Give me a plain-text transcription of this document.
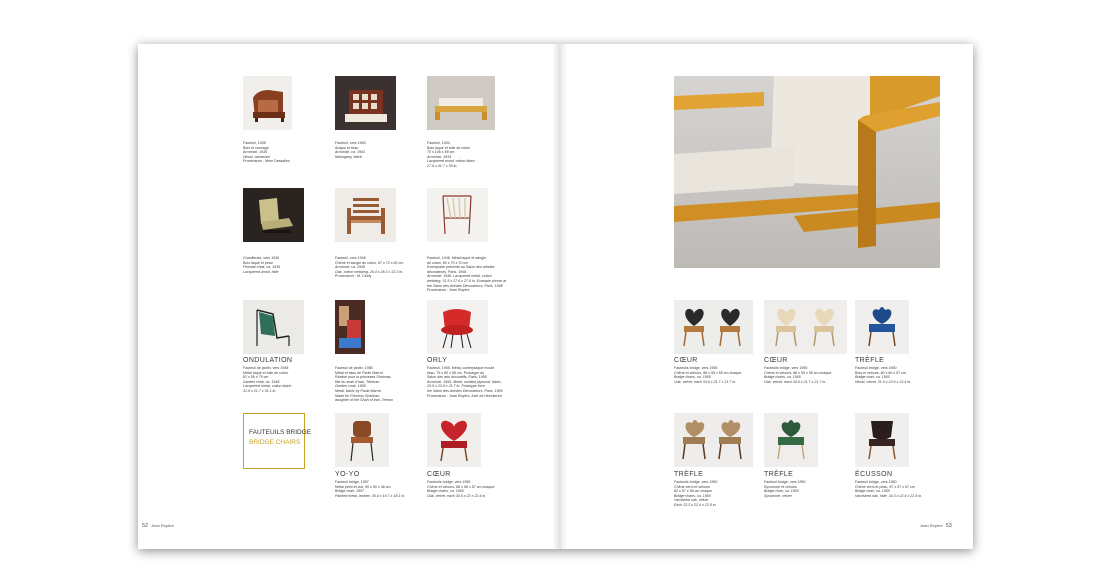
Fauteuil, 1935
Bois et cannage
Armchair, 1935
Wood, caneware
Provenance : Mme Dessalles
Fauteuil, vers 1963
Acajou et tissu
Armchair, ca. 1963
Mahogany, fabric
Fauteuil, 1934
Bois laqué et toile de coton
70 x 106 x 89 cm
Armchair, 1934
Lacquered wood, cotton fabric
27.6 x 41.7 x 35 in.
Chauffeuse, vers 1936
Bois laqué et peau
Fireside chair, ca. 1936
Lacquered wood, hide
Fauteuil, vers 1948
Chêne et sangle de coton, 67 x 72 x 82 cm
Armchair, ca. 1948
Oak, cotton webbing, 26.4 x 28.3 x 32.3 in.
Provenance : M. Cindy
Fauteuil, 1948. Métal laqué et sangle
de coton, 80 x 70 x 70 cm
Exemplaire présenté au Salon des artistes
décorateurs, Paris, 1948
Armchair, 1948. Lacquered metal, cotton
webbing, 31.5 x 27.6 x 27.6 in. Example shown at
the Salon des Artistes Décorateurs, Paris, 1948
Provenance : Jean Royère
ONDULATION
Fauteuil de jardin, vers 1948
Métal laqué et toile de coton
81 x 55 x 79 cm
Garden chair, ca. 1948
Lacquered metal, cotton fabric
31.9 x 21.7 x 31.1 in.
Fauteuil de jardin, 1958
Métal et tissu de Paule Marrot
Réalisé pour la princesse Shahnaz,
fille du shah d'Iran, Téhéran
Garden chair, 1958
Metal, fabric by Paule Marrot
Made for Princess Shahnaz,
daughter of the Shah of Iran, Tehran
ORLY
Fauteuil, 1955. Métal, contreplaqué moulé,
tissu, 75 x 60 x 55 cm. Prototype du
Salon des arts décoratifs, Paris, 1955
Armchair, 1955. Metal, molded plywood, fabric,
29.5 x 23.6 x 21.7 in. Prototype from
the Salon des Artistes Décorateurs, Paris, 1955
Provenance : Jean Royère, Axel de Heeckeren
FAUTEUILS BRIDGE
BRIDGE CHAIRS
YO-YO
Fauteuil bridge, 1957
Métal peint et cuir, 90 x 50 x 46 cm
Bridge chair, 1957
Painted metal, leather, 35.4 x 19.7 x 18.1 in.
CŒUR
Fauteuils bridge, vers 1955
Chêne et velours, 88 x 56 x 57 cm chaque
Bridge chairs, ca. 1955
Oak, velvet, each 34.6 x 22 x 22.4 in.
52 Jean Royère
CŒUR
Fauteuils bridge, vers 1955
Chêne et velours, 88 x 55 x 55 cm chaque
Bridge chairs, ca. 1955
Oak, velvet, each 34.6 x 21.7 x 21.7 in.
CŒUR
Fauteuils bridge, vers 1955
Chêne et velours, 88 x 55 x 55 cm chaque
Bridge chairs, ca. 1955
Oak, velvet, each 34.6 x 21.7 x 21.7 in.
TRÈFLE
Fauteuil bridge, vers 1950
Bois et velours, 80 x 60 x 57 cm
Bridge chair, ca. 1950
Wood, velvet, 31.5 x 23.6 x 22.4 in.
TRÈFLE
Fauteuils bridge, vers 1950
Chêne verni et velours
82 x 57 x 58 cm chaque
Bridge chairs, ca. 1950
Varnished oak, velvet
Each 32.3 x 22.4 x 22.8 in.
TRÈFLE
Fauteuil bridge, vers 1950
Sycomore et velours
Bridge chair, ca. 1950
Sycamore, velvet
ÉCUSSON
Fauteuil bridge, vers 1950
Chêne verni et peau, 87 x 57 x 57 cm
Bridge chair, ca. 1950
Varnished oak, hide, 34.3 x 22.4 x 22.4 in.
Jean Royère 53
